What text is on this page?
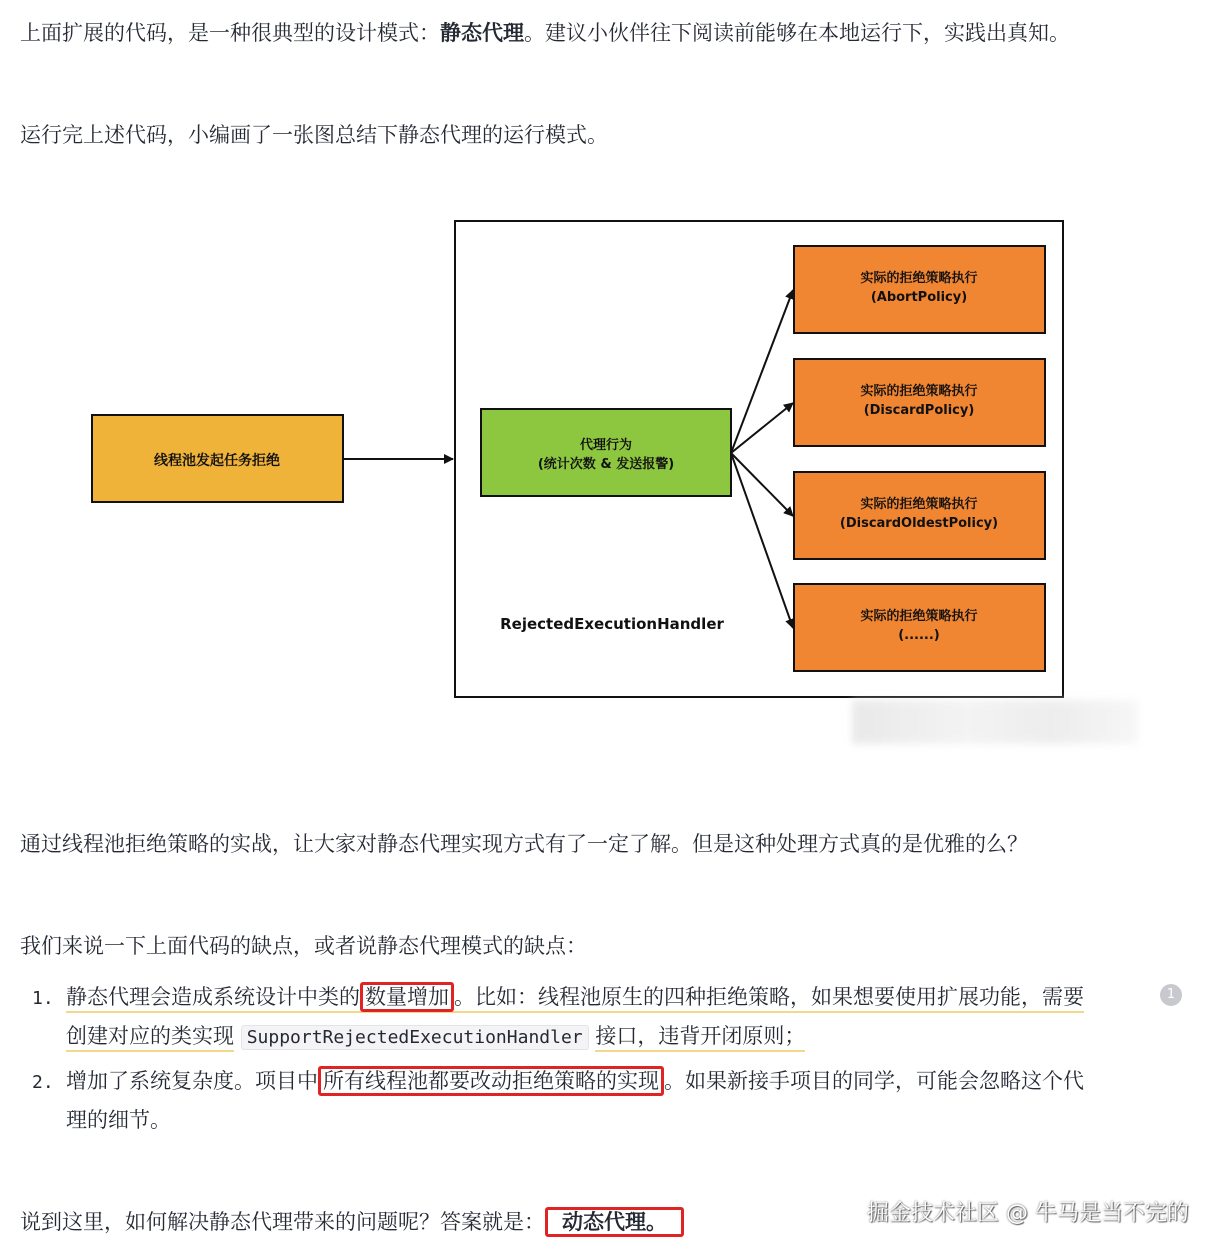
上面扩展的代码，是一种很典型的设计模式：静态代理。建议小伙伴往下阅读前能够在本地运行下，实践出真知。
运行完上述代码，小编画了一张图总结下静态代理的运行模式。
RejectedExecutionHandler
线程池发起任务拒绝
代理行为
(统计次数 & 发送报警)
实际的拒绝策略执行
(AbortPolicy)
实际的拒绝策略执行
(DiscardPolicy)
实际的拒绝策略执行
(DiscardOldestPolicy)
实际的拒绝策略执行
(......)
通过线程池拒绝策略的实战，让大家对静态代理实现方式有了一定了解。但是这种处理方式真的是优雅的么？
我们来说一下上面代码的缺点，或者说静态代理模式的缺点：
1. 静态代理会造成系统设计中类的 数量增加 。比如：线程池原生的四种拒绝策略，如果想要使用扩展功能，需要	1
创建对应的类实现 SupportRejectedExecutionHandler 接口，违背开闭原则；
2. 增加了系统复杂度。项目中 所有线程池都要改动拒绝策略的实现 。如果新接手项目的同学，可能会忽略这个代
理的细节。
说到这里，如何解决静态代理带来的问题呢？答案就是： 动态代理。	掘金技术社区 @ 牛马是当不完的
